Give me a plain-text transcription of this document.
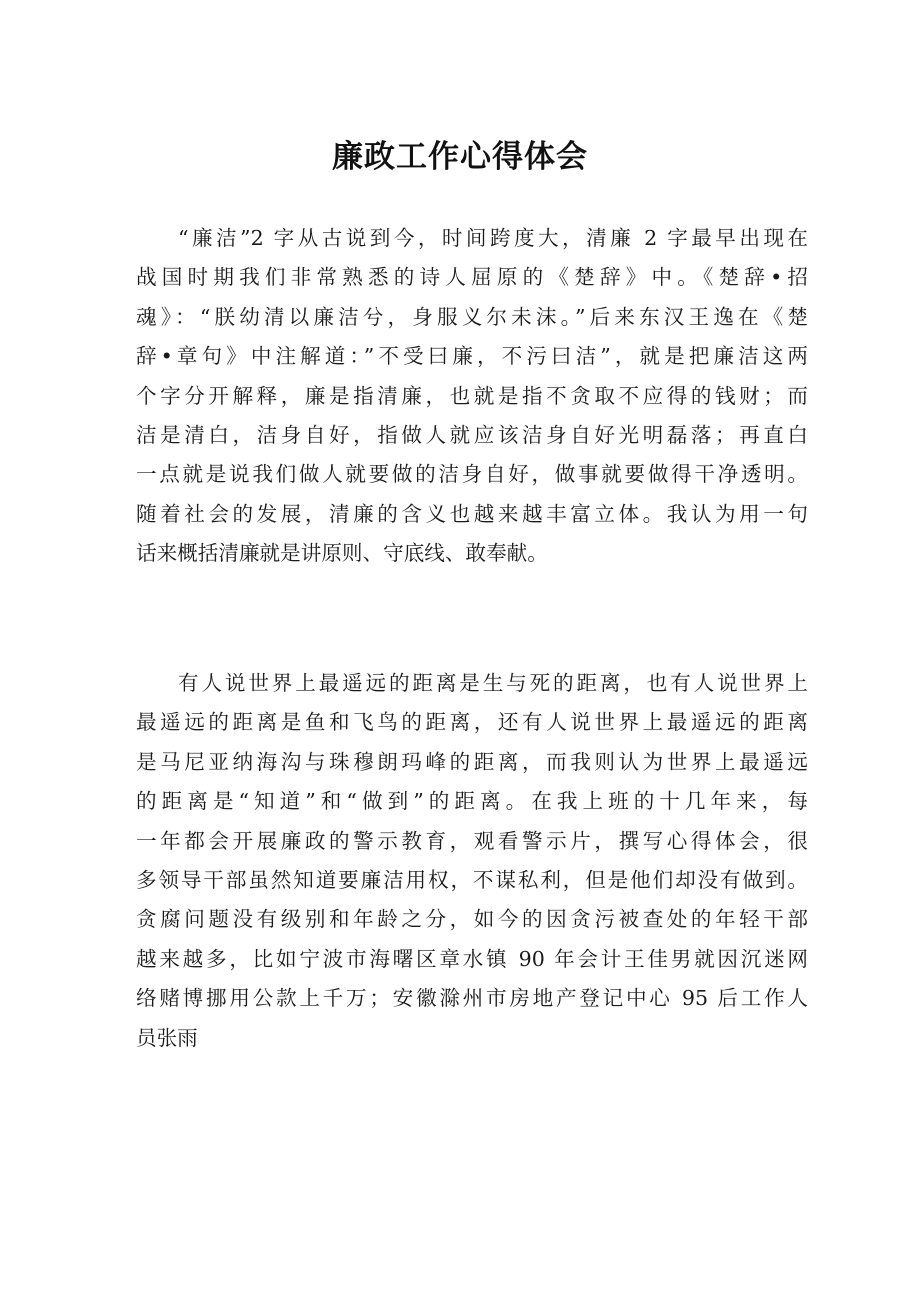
廉政工作心得体会
“廉洁”2 字从古说到今，时间跨度大，清廉 2 字最早出现在
战国时期我们非常熟悉的诗人屈原的《楚辞》中。《楚辞•招
魂》：“朕幼清以廉洁兮，身服义尔未沫。”后来东汉王逸在《楚
辞•章句》中注解道：”不受曰廉，不污曰洁”，就是把廉洁这两
个字分开解释，廉是指清廉，也就是指不贪取不应得的钱财；而
洁是清白，洁身自好，指做人就应该洁身自好光明磊落；再直白
一点就是说我们做人就要做的洁身自好，做事就要做得干净透明。
随着社会的发展，清廉的含义也越来越丰富立体。我认为用一句
话来概括清廉就是讲原则、守底线、敢奉献。
有人说世界上最遥远的距离是生与死的距离，也有人说世界上
最遥远的距离是鱼和飞鸟的距离，还有人说世界上最遥远的距离
是马尼亚纳海沟与珠穆朗玛峰的距离，而我则认为世界上最遥远
的距离是“知道”和“做到”的距离。在我上班的十几年来，每
一年都会开展廉政的警示教育，观看警示片，撰写心得体会，很
多领导干部虽然知道要廉洁用权，不谋私利，但是他们却没有做到。
贪腐问题没有级别和年龄之分，如今的因贪污被查处的年轻干部
越来越多，比如宁波市海曙区章水镇 90 年会计王佳男就因沉迷网
络赌博挪用公款上千万；安徽滁州市房地产登记中心 95 后工作人
员张雨
